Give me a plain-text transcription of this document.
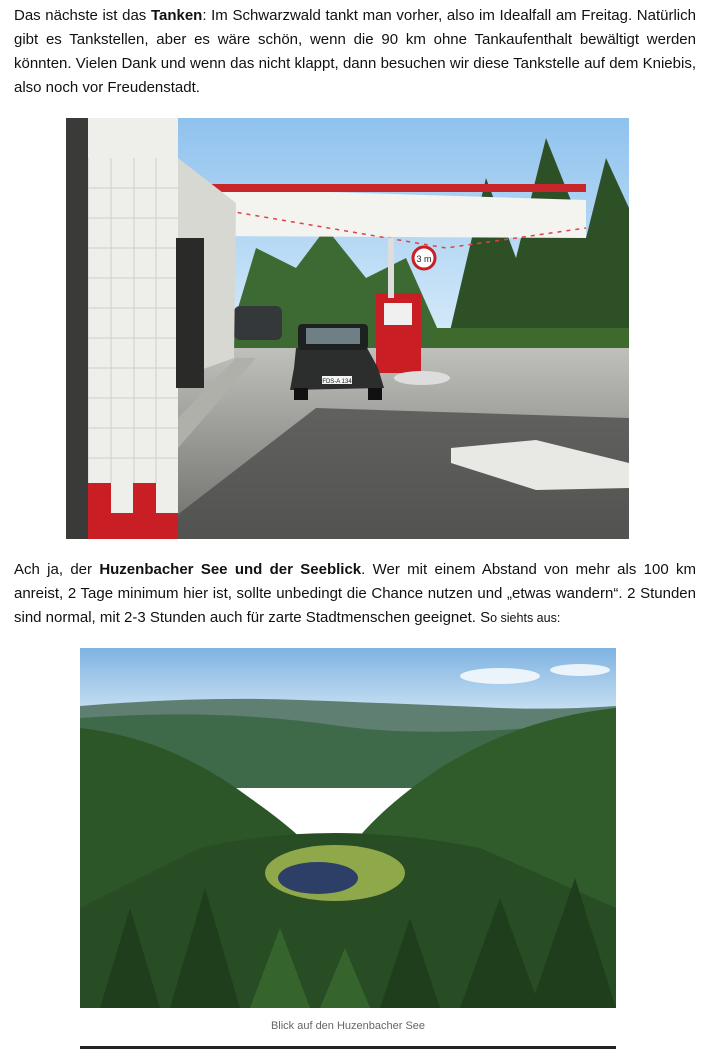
Das nächste ist das Tanken: Im Schwarzwald tankt man vorher, also im Idealfall am Freitag. Natürlich gibt es Tankstellen, aber es wäre schön, wenn die 90 km ohne Tankaufenthalt bewältigt werden könnten. Vielen Dank und wenn das nicht klappt, dann besuchen wir diese Tankstelle auf dem Kniebis, also noch vor Freudenstadt.
3 m
FDS-A 134
Ach ja, der Huzenbacher See und der Seeblick. Wer mit einem Abstand von mehr als 100 km anreist, 2 Tage minimum hier ist, sollte unbedingt die Chance nutzen und „etwas wandern“. 2 Stunden sind normal, mit 2-3 Stunden auch für zarte Stadtmenschen geeignet. So siehts aus:
Blick auf den Huzenbacher See
